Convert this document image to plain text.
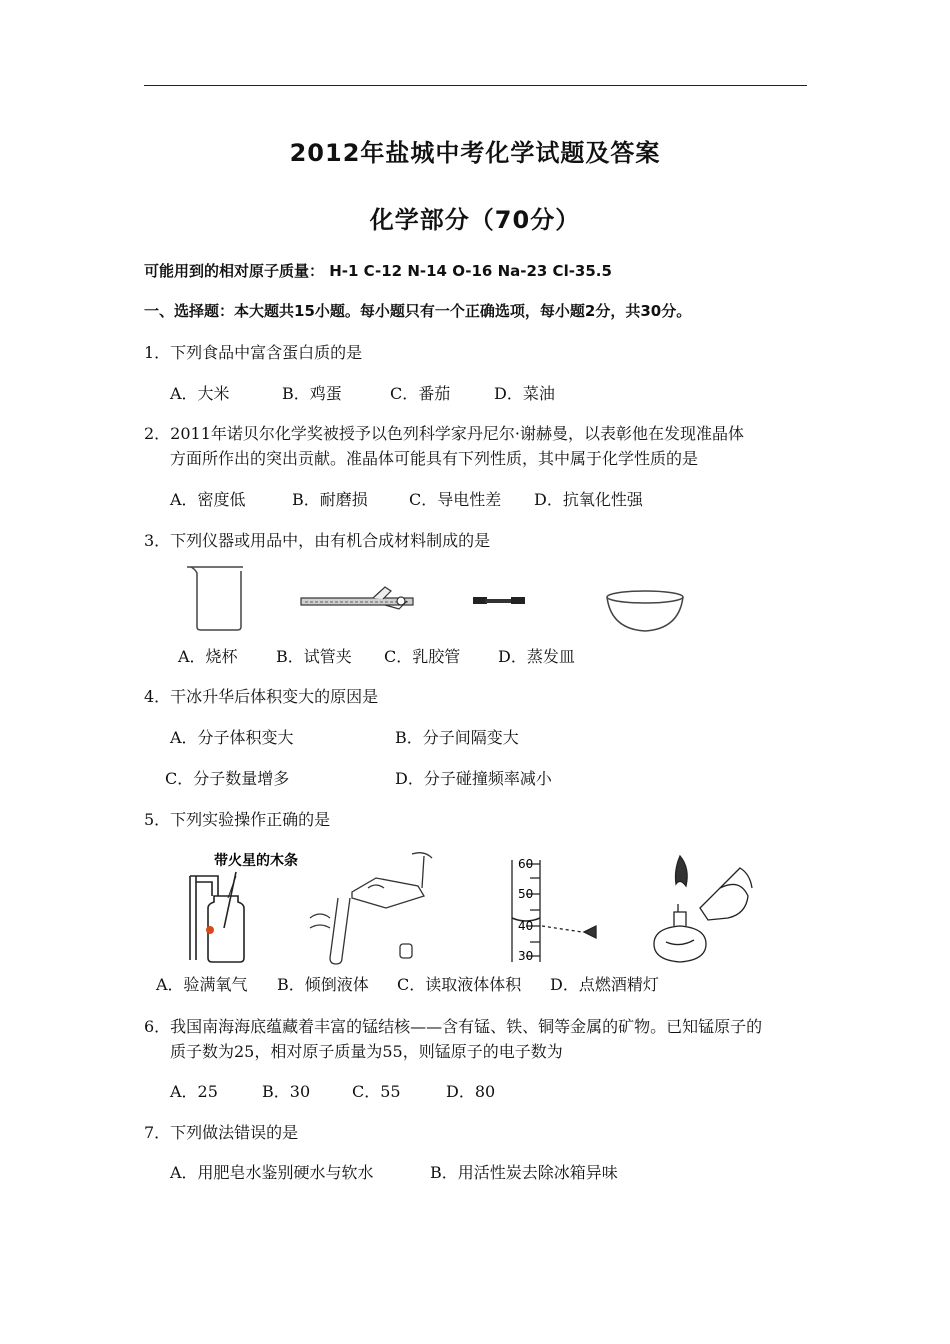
2012年盐城中考化学试题及答案
化学部分（70分）
可能用到的相对原子质量： H-1 C-12 N-14 O-16 Na-23 Cl-35.5
一、选择题：本大题共15小题。每小题只有一个正确选项，每小题2分，共30分。
1．下列食品中富含蛋白质的是
A．大米	B．鸡蛋	C．番茄	D．菜油
2．2011年诺贝尔化学奖被授予以色列科学家丹尼尔·谢赫曼，以表彰他在发现准晶体
方面所作出的突出贡献。准晶体可能具有下列性质，其中属于化学性质的是
A．密度低	B．耐磨损	C．导电性差 D．抗氧化性强
3．下列仪器或用品中，由有机合成材料制成的是
A．烧杯 B．试管夹 C．乳胶管 D．蒸发皿
4．干冰升华后体积变大的原因是
A．分子体积变大	B．分子间隔变大
C．分子数量增多	D．分子碰撞频率减小
5．下列实验操作正确的是
带火星的木条	60
50
40
30
A．验满氧气 B．倾倒液体 C．读取液体体积 D．点燃酒精灯
6．我国南海海底蕴藏着丰富的锰结核——含有锰、铁、铜等金属的矿物。已知锰原子的
质子数为25，相对原子质量为55，则锰原子的电子数为
A．25	B．30	C．55	D．80
7．下列做法错误的是
A．用肥皂水鉴别硬水与软水	B．用活性炭去除冰箱异味
